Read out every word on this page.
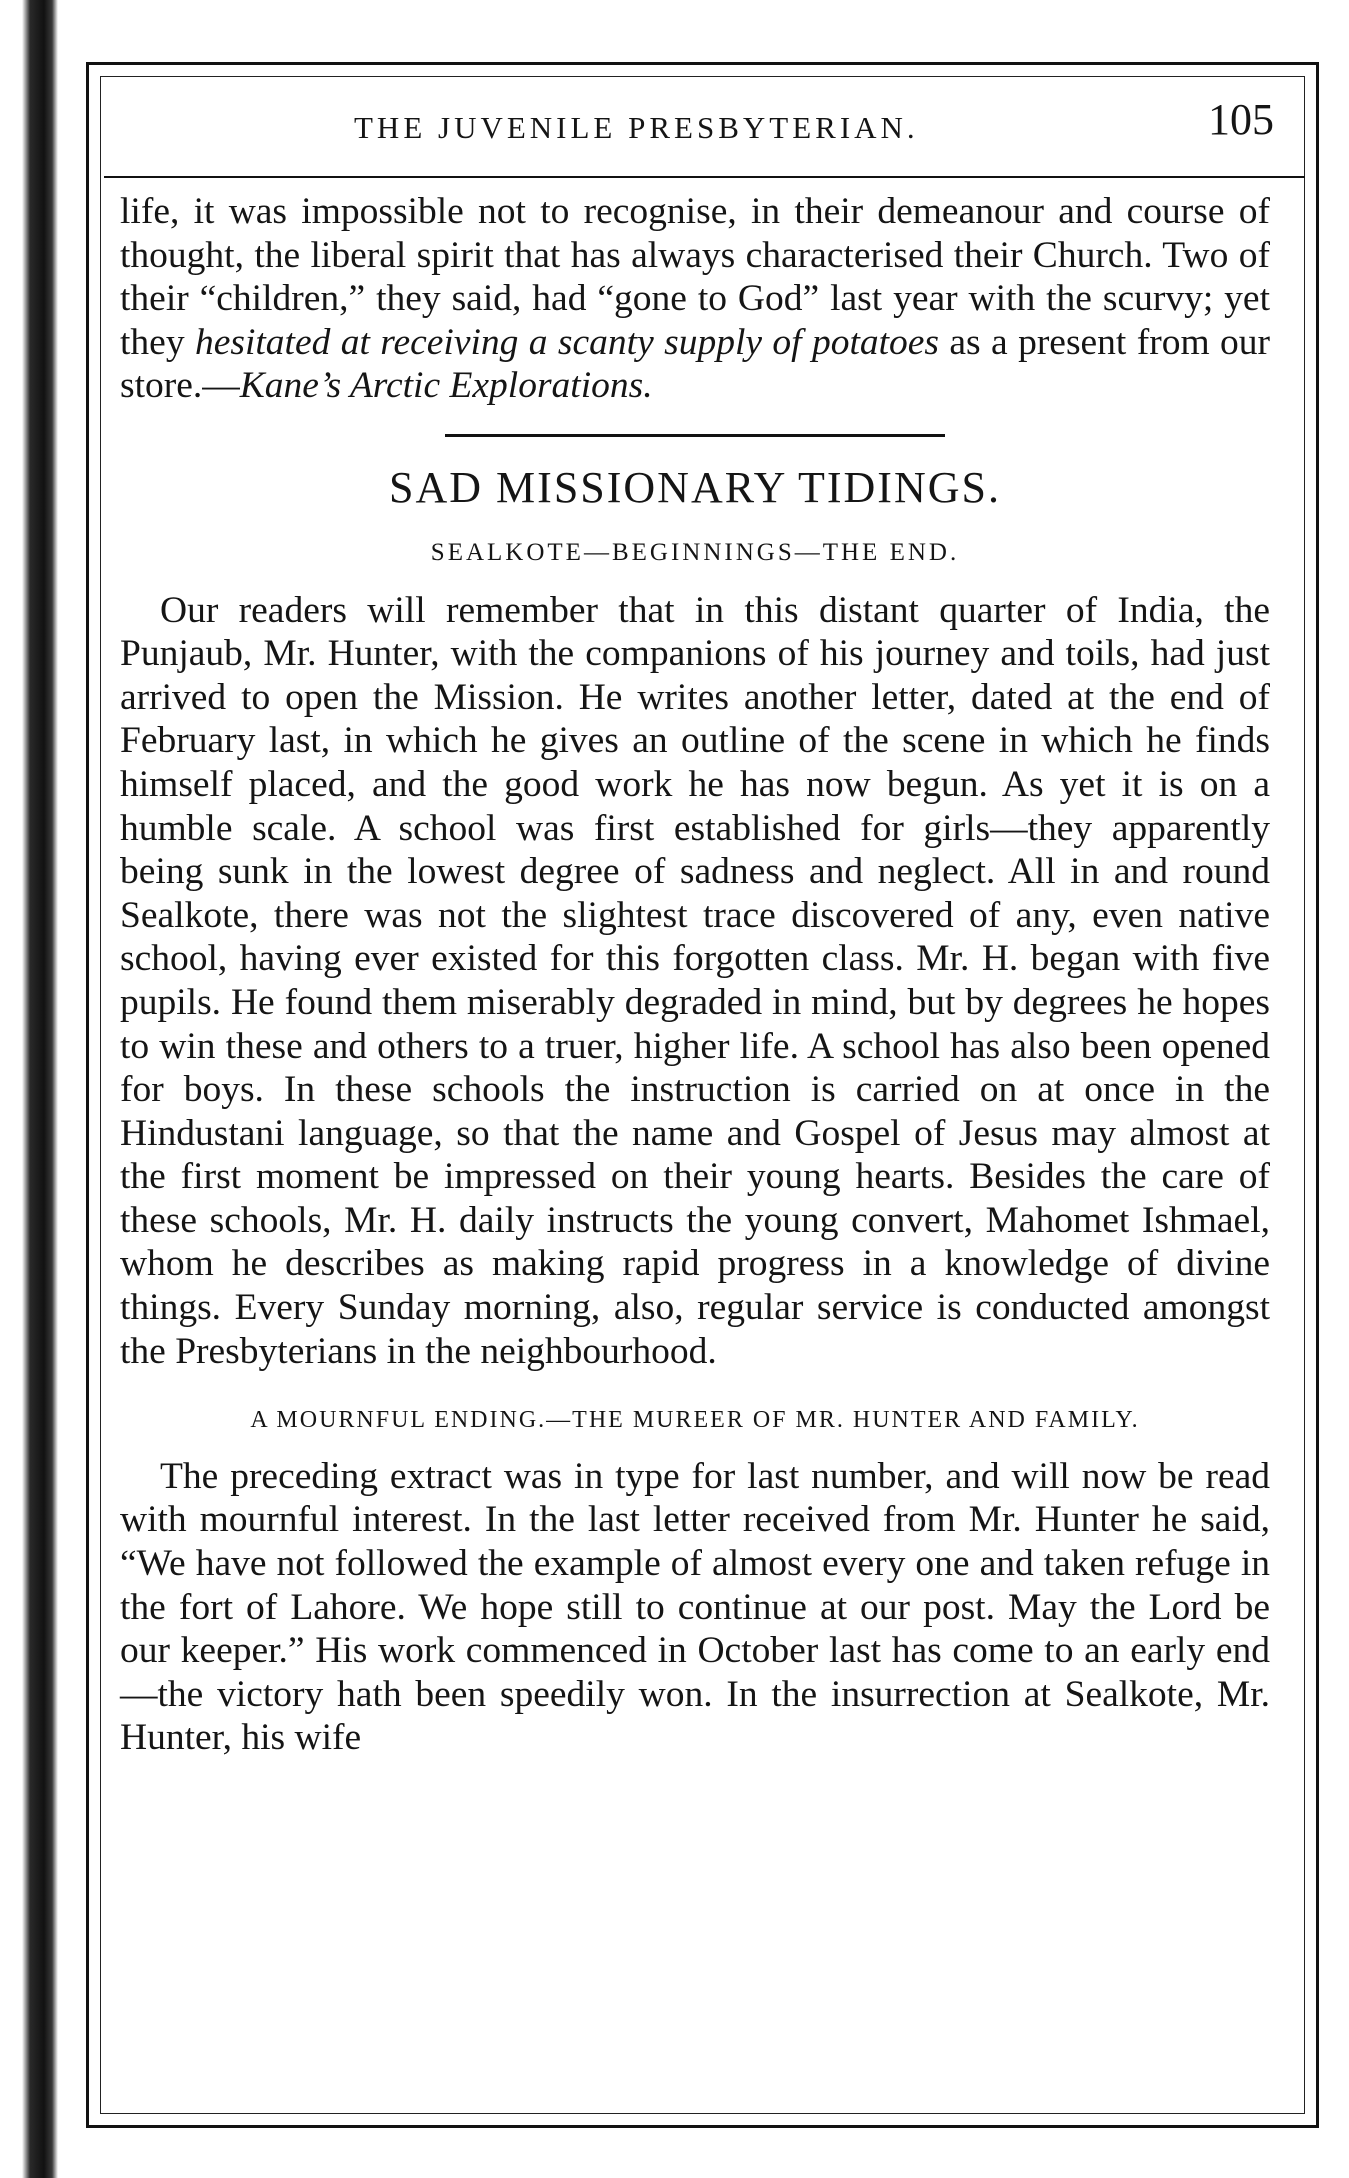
THE JUVENILE PRESBYTERIAN.	105

life, it was impossible not to recognise, in their demeanour and course of thought, the liberal spirit that has always characterised their Church. Two of their “children,” they said, had “gone to God” last year with the scurvy; yet they hesitated at receiving a scanty supply of potatoes as a present from our store.—Kane’s Arctic Explorations.

SAD MISSIONARY TIDINGS.
SEALKOTE—BEGINNINGS—THE END.

Our readers will remember that in this distant quarter of India, the Punjaub, Mr. Hunter, with the companions of his journey and toils, had just arrived to open the Mission. He writes another letter, dated at the end of February last, in which he gives an outline of the scene in which he finds himself placed, and the good work he has now begun. As yet it is on a humble scale. A school was first established for girls—they apparently being sunk in the lowest degree of sadness and neglect. All in and round Sealkote, there was not the slightest trace discovered of any, even native school, having ever existed for this forgotten class. Mr. H. began with five pupils. He found them miserably degraded in mind, but by degrees he hopes to win these and others to a truer, higher life. A school has also been opened for boys. In these schools the instruction is carried on at once in the Hindustani language, so that the name and Gospel of Jesus may almost at the first moment be impressed on their young hearts. Besides the care of these schools, Mr. H. daily instructs the young convert, Mahomet Ishmael, whom he describes as making rapid progress in a knowledge of divine things. Every Sunday morning, also, regular service is conducted amongst the Presbyterians in the neighbourhood.

A MOURNFUL ENDING.—THE MUREER OF MR. HUNTER AND FAMILY.

The preceding extract was in type for last number, and will now be read with mournful interest. In the last letter received from Mr. Hunter he said, “We have not followed the example of almost every one and taken refuge in the fort of Lahore. We hope still to continue at our post. May the Lord be our keeper.” His work commenced in October last has come to an early end—the victory hath been speedily won. In the insurrection at Sealkote, Mr. Hunter, his wife
